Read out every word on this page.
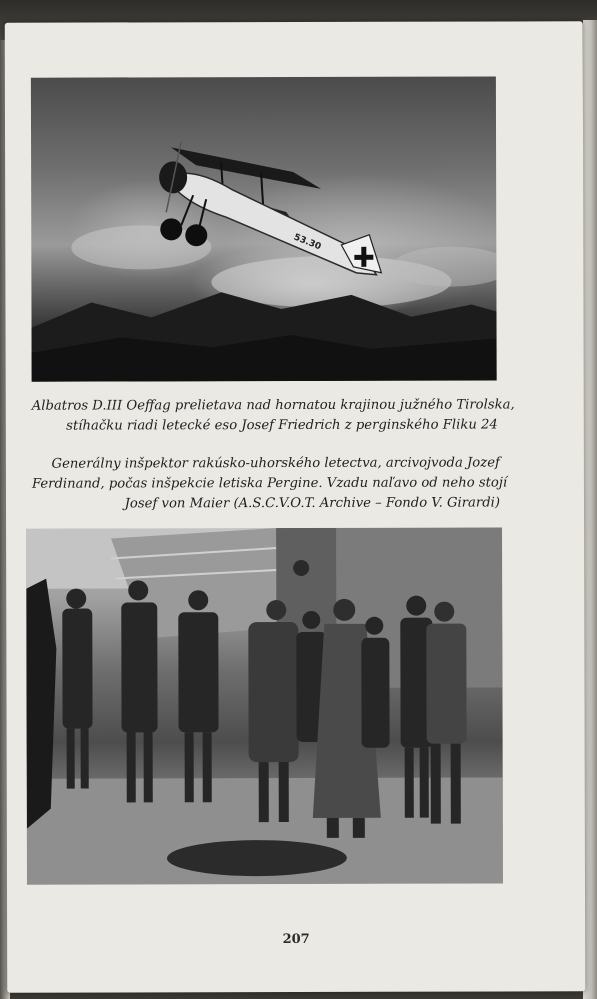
53.30
Albatros D.III Oeffag prelietava nad hornatou krajinou južného Tirolska,
stíhačku riadi letecké eso Josef Friedrich z perginského Fliku 24
Generálny inšpektor rakúsko-uhorského letectva, arcivojvoda Jozef
Ferdinand, počas inšpekcie letiska Pergine. Vzadu naľavo od neho stojí
Josef von Maier (A.S.C.V.O.T. Archive – Fondo V. Girardi)
207
